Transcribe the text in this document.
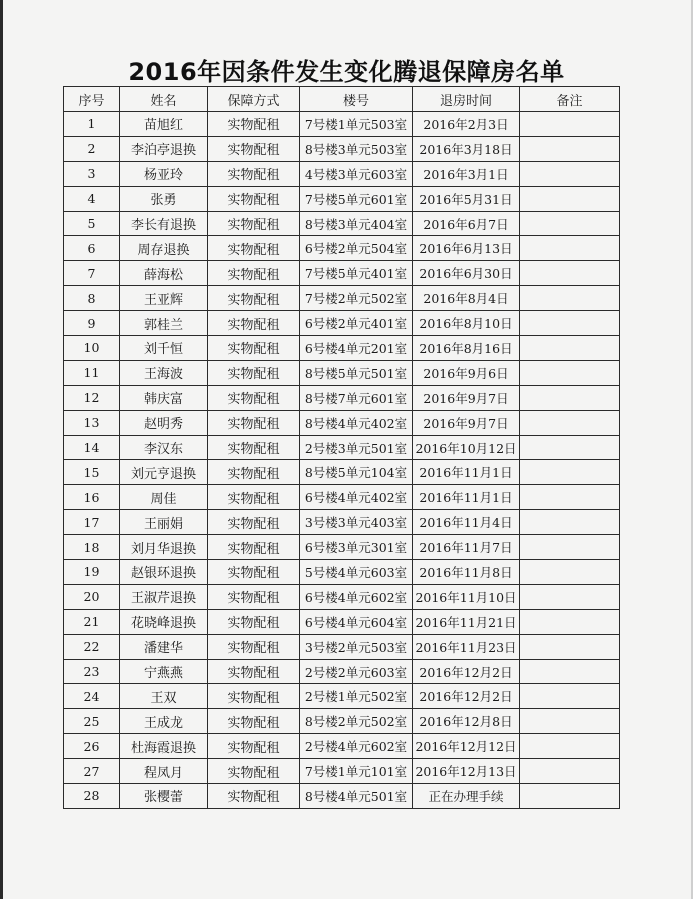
2016年因条件发生变化腾退保障房名单
序号	姓名	保障方式	楼号	退房时间	备注
1	苗旭红	实物配租	7号楼1单元503室	2016年2月3日	
2	李泊亭退换	实物配租	8号楼3单元503室	2016年3月18日	
3	杨亚玲	实物配租	4号楼3单元603室	2016年3月1日	
4	张勇	实物配租	7号楼5单元601室	2016年5月31日	
5	李长有退换	实物配租	8号楼3单元404室	2016年6月7日	
6	周存退换	实物配租	6号楼2单元504室	2016年6月13日	
7	薛海松	实物配租	7号楼5单元401室	2016年6月30日	
8	王亚辉	实物配租	7号楼2单元502室	2016年8月4日	
9	郭桂兰	实物配租	6号楼2单元401室	2016年8月10日	
10	刘千恒	实物配租	6号楼4单元201室	2016年8月16日	
11	王海波	实物配租	8号楼5单元501室	2016年9月6日	
12	韩庆富	实物配租	8号楼7单元601室	2016年9月7日	
13	赵明秀	实物配租	8号楼4单元402室	2016年9月7日	
14	李汉东	实物配租	2号楼3单元501室	2016年10月12日	
15	刘元亨退换	实物配租	8号楼5单元104室	2016年11月1日	
16	周佳	实物配租	6号楼4单元402室	2016年11月1日	
17	王丽娟	实物配租	3号楼3单元403室	2016年11月4日	
18	刘月华退换	实物配租	6号楼3单元301室	2016年11月7日	
19	赵银环退换	实物配租	5号楼4单元603室	2016年11月8日	
20	王淑芹退换	实物配租	6号楼4单元602室	2016年11月10日	
21	花晓峰退换	实物配租	6号楼4单元604室	2016年11月21日	
22	潘建华	实物配租	3号楼2单元503室	2016年11月23日	
23	宁燕燕	实物配租	2号楼2单元603室	2016年12月2日	
24	王双	实物配租	2号楼1单元502室	2016年12月2日	
25	王成龙	实物配租	8号楼2单元502室	2016年12月8日	
26	杜海霞退换	实物配租	2号楼4单元602室	2016年12月12日	
27	程凤月	实物配租	7号楼1单元101室	2016年12月13日	
28	张樱蕾	实物配租	8号楼4单元501室	正在办理手续	
